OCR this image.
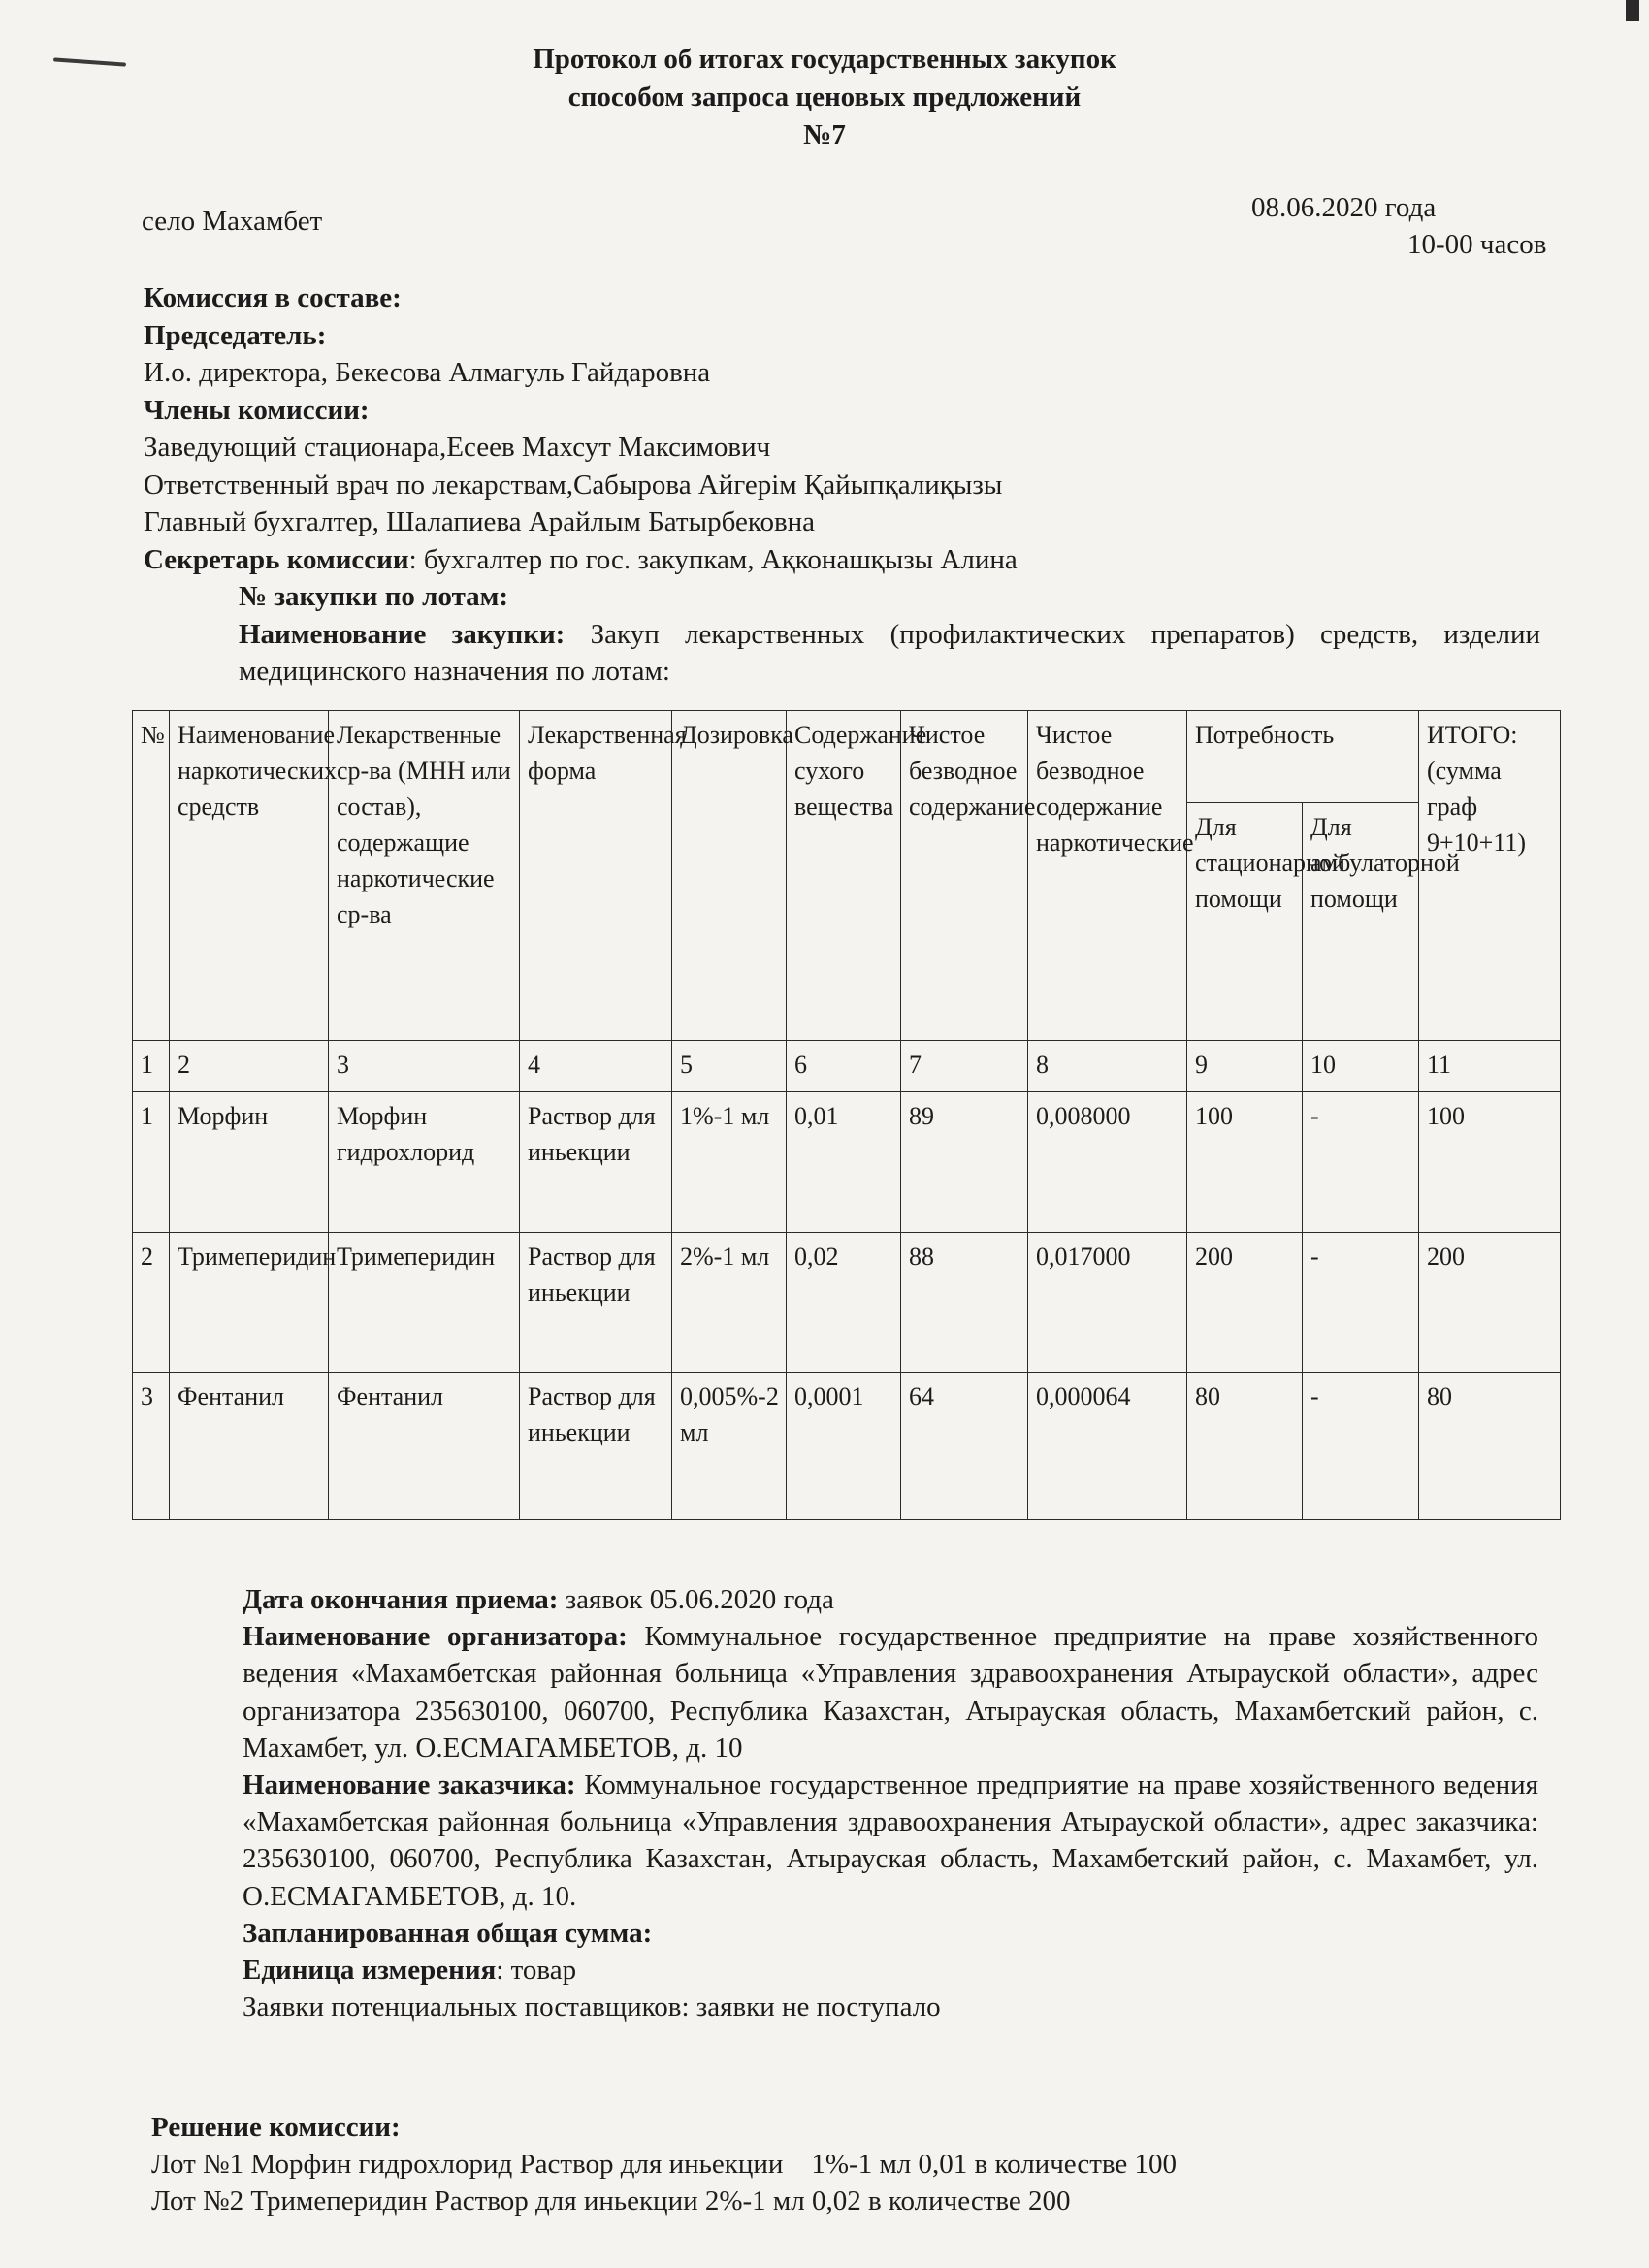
Протокол об итогах государственных закупок
способом запроса ценовых предложений
№7
село Махамбет	08.06.2020 года
10-00 часов

Комиссия в составе:

Председатель:

И.о. директора, Бекесова Алмагуль Гайдаровна

Члены комиссии:

Заведующий стационара,Есеев Махсут Максимович

Ответственный врач по лекарствам,Сабырова Айгерім Қайыпқалиқызы

Главный бухгалтер, Шалапиева Арайлым Батырбековна

Секретарь комиссии: бухгалтер по гос. закупкам, Ақконашқызы Алина

№ закупки по лотам:

Наименование закупки: Закуп лекарственных (профилактических препаратов) средств, изделии медицинского назначения по лотам:

№	Наименование наркотических средств	Лекарственные ср-ва (МНН или состав), содержащие наркотические ср-ва	Лекарственная форма	Дозировка	Содержание сухого вещества	Чистое безводное содержание	Чистое безводное содержание наркотические	Потребность		ИТОГО: (сумма граф 9+10+11)
								Для стационарной помощи	Для амбулаторной помощи	
1	2	3	4	5	6	7	8	9	10	11
1	Морфин	Морфин гидрохлорид	Раствор для иньекции	1%-1 мл	0,01	89	0,008000	100	-	100
2	Тримеперидин	Тримеперидин	Раствор для иньекции	2%-1 мл	0,02	88	0,017000	200	-	200
3	Фентанил	Фентанил	Раствор для иньекции	0,005%-2 мл	0,0001	64	0,000064	80	-	80

Дата окончания приема: заявок 05.06.2020 года

Наименование организатора: Коммунальное государственное предприятие на праве хозяйственного ведения «Махамбетская районная больница «Управления здравоохранения Атырауской области», адрес организатора 235630100, 060700, Республика Казахстан, Атырауская область, Махамбетский район, с. Махамбет, ул. О.ЕСМАГАМБЕТОВ, д. 10

Наименование заказчика: Коммунальное государственное предприятие на праве хозяйственного ведения «Махамбетская районная больница «Управления здравоохранения Атырауской области», адрес заказчика: 235630100, 060700, Республика Казахстан, Атырауская область, Махамбетский район, с. Махамбет, ул. О.ЕСМАГАМБЕТОВ, д. 10.

Запланированная общая сумма:

Единица измерения: товар

Заявки потенциальных поставщиков: заявки не поступало

Решение комиссии:

Лот №1 Морфин гидрохлорид Раствор для иньекции    1%-1 мл 0,01 в количестве 100

Лот №2 Тримеперидин Раствор для иньекции 2%-1 мл 0,02 в количестве 200
